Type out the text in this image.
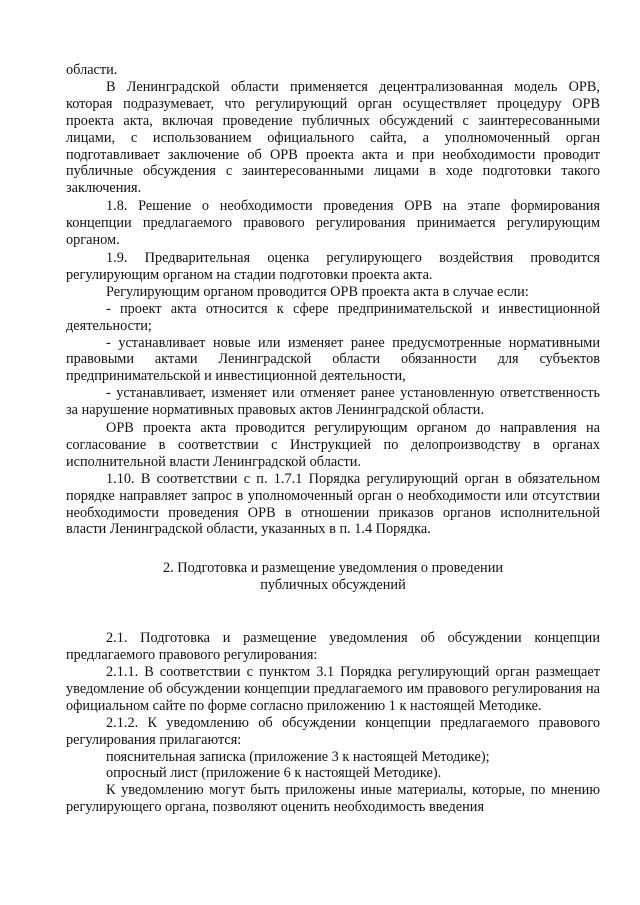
области.

В Ленинградской области применяется децентрализованная модель ОРВ, которая подразумевает, что регулирующий орган осуществляет процедуру ОРВ проекта акта, включая проведение публичных обсуждений с заинтересованными лицами, с использованием официального сайта, а уполномоченный орган подготавливает заключение об ОРВ проекта акта и при необходимости проводит публичные обсуждения с заинтересованными лицами в ходе подготовки такого заключения.

1.8. Решение о необходимости проведения ОРВ на этапе формирования концепции предлагаемого правового регулирования принимается регулирующим органом.

1.9. Предварительная оценка регулирующего воздействия проводится регулирующим органом на стадии подготовки проекта акта.

Регулирующим органом проводится ОРВ проекта акта в случае если:

- проект акта относится к сфере предпринимательской и инвестиционной деятельности;

- устанавливает новые или изменяет ранее предусмотренные нормативными правовыми актами Ленинградской области обязанности для субъектов предпринимательской и инвестиционной деятельности,

- устанавливает, изменяет или отменяет ранее установленную ответственность за нарушение нормативных правовых актов Ленинградской области.

ОРВ проекта акта проводится регулирующим органом до направления на согласование в соответствии с Инструкцией по делопроизводству в органах исполнительной власти Ленинградской области.

1.10. В соответствии с п. 1.7.1 Порядка регулирующий орган в обязательном порядке направляет запрос в уполномоченный орган о необходимости или отсутствии необходимости проведения ОРВ в отношении приказов органов исполнительной власти Ленинградской области, указанных в п. 1.4 Порядка.

2. Подготовка и размещение уведомления о проведении
публичных обсуждений

2.1. Подготовка и размещение уведомления об обсуждении концепции предлагаемого правового регулирования:

2.1.1. В соответствии с пунктом 3.1 Порядка регулирующий орган размещает уведомление об обсуждении концепции предлагаемого им правового регулирования на официальном сайте по форме согласно приложению 1 к настоящей Методике.

2.1.2. К уведомлению об обсуждении концепции предлагаемого правового регулирования прилагаются:

пояснительная записка (приложение 3 к настоящей Методике);

опросный лист (приложение 6 к настоящей Методике).

К уведомлению могут быть приложены иные материалы, которые, по мнению регулирующего органа, позволяют оценить необходимость введения
